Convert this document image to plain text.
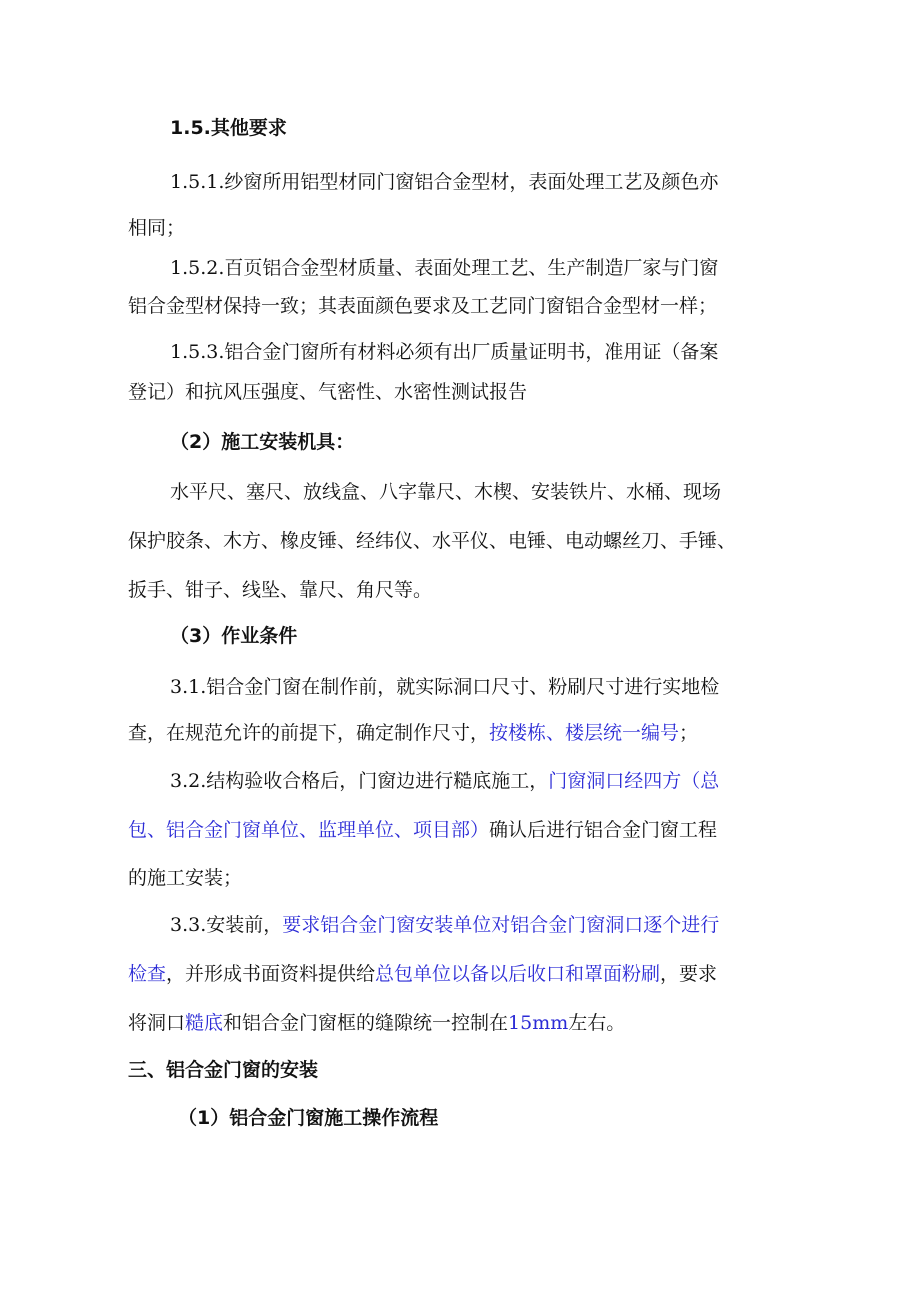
1.5.其他要求
1.5.1.纱窗所用铝型材同门窗铝合金型材，表面处理工艺及颜色亦
相同；
1.5.2.百页铝合金型材质量、表面处理工艺、生产制造厂家与门窗
铝合金型材保持一致；其表面颜色要求及工艺同门窗铝合金型材一样；
1.5.3.铝合金门窗所有材料必须有出厂质量证明书，准用证（备案
登记）和抗风压强度、气密性、水密性测试报告
（2）施工安装机具：
水平尺、塞尺、放线盒、八字靠尺、木楔、安装铁片、水桶、现场
保护胶条、木方、橡皮锤、经纬仪、水平仪、电锤、电动螺丝刀、手锤、
扳手、钳子、线坠、靠尺、角尺等。
（3）作业条件
3.1.铝合金门窗在制作前，就实际洞口尺寸、粉刷尺寸进行实地检
查，在规范允许的前提下，确定制作尺寸，按楼栋、楼层统一编号；
3.2.结构验收合格后，门窗边进行糙底施工，门窗洞口经四方（总
包、铝合金门窗单位、监理单位、项目部）确认后进行铝合金门窗工程
的施工安装；
3.3.安装前，要求铝合金门窗安装单位对铝合金门窗洞口逐个进行
检查，并形成书面资料提供给总包单位以备以后收口和罩面粉刷，要求
将洞口糙底和铝合金门窗框的缝隙统一控制在15mm左右。
三、铝合金门窗的安装
（1）铝合金门窗施工操作流程
